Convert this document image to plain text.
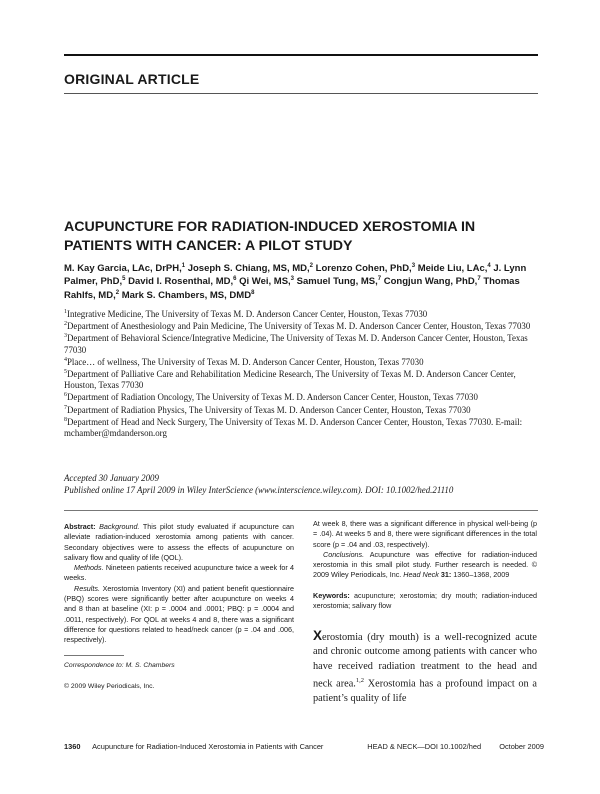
ORIGINAL ARTICLE
ACUPUNCTURE FOR RADIATION-INDUCED XEROSTOMIA IN PATIENTS WITH CANCER: A PILOT STUDY
M. Kay Garcia, LAc, DrPH,$^1$ Joseph S. Chiang, MS, MD,$^2$ Lorenzo Cohen, PhD,$^3$ Meide Liu, LAc,$^4$ J. Lynn Palmer, PhD,$^5$ David I. Rosenthal, MD,$^6$ Qi Wei, MS,$^3$ Samuel Tung, MS,$^7$ Congjun Wang, PhD,$^7$ Thomas Rahlfs, MD,$^2$ Mark S. Chambers, MS, DMD$^8$
$^1$Integrative Medicine, The University of Texas M. D. Anderson Cancer Center, Houston, Texas 77030
$^2$Department of Anesthesiology and Pain Medicine, The University of Texas M. D. Anderson Cancer Center, Houston, Texas 77030
$^3$Department of Behavioral Science/Integrative Medicine, The University of Texas M. D. Anderson Cancer Center, Houston, Texas 77030
$^4$Place… of wellness, The University of Texas M. D. Anderson Cancer Center, Houston, Texas 77030
$^5$Department of Palliative Care and Rehabilitation Medicine Research, The University of Texas M. D. Anderson Cancer Center, Houston, Texas 77030
$^6$Department of Radiation Oncology, The University of Texas M. D. Anderson Cancer Center, Houston, Texas 77030
$^7$Department of Radiation Physics, The University of Texas M. D. Anderson Cancer Center, Houston, Texas 77030
$^8$Department of Head and Neck Surgery, The University of Texas M. D. Anderson Cancer Center, Houston, Texas 77030. E-mail: mchamber@mdanderson.org
Accepted 30 January 2009
Published online 17 April 2009 in Wiley InterScience (www.interscience.wiley.com). DOI: 10.1002/hed.21110
Abstract: Background. This pilot study evaluated if acupuncture can alleviate radiation-induced xerostomia among patients with cancer. Secondary objectives were to assess the effects of acupuncture on salivary flow and quality of life (QOL).
Methods. Nineteen patients received acupuncture twice a week for 4 weeks.
Results. Xerostomia Inventory (XI) and patient benefit questionnaire (PBQ) scores were significantly better after acupuncture on weeks 4 and 8 than at baseline (XI: p = .0004 and .0001; PBQ: p = .0004 and .0011, respectively). For QOL at weeks 4 and 8, there was a significant difference for questions related to head/neck cancer (p = .04 and .006, respectively).
At week 8, there was a significant difference in physical well-being (p = .04). At weeks 5 and 8, there were significant differences in the total score (p = .04 and .03, respectively).
Conclusions. Acupuncture was effective for radiation-induced xerostomia in this small pilot study. Further research is needed. © 2009 Wiley Periodicals, Inc. Head Neck 31: 1360–1368, 2009
Keywords: acupuncture; xerostomia; dry mouth; radiation-induced xerostomia; salivary flow
Xerostomia (dry mouth) is a well-recognized acute and chronic outcome among patients with cancer who have received radiation treatment to the head and neck area.$^{1,2}$ Xerostomia has a profound impact on a patient’s quality of life
Correspondence to: M. S. Chambers
© 2009 Wiley Periodicals, Inc.
1360 Acupuncture for Radiation-Induced Xerostomia in Patients with Cancer	HEAD & NECK—DOI 10.1002/hed October 2009
